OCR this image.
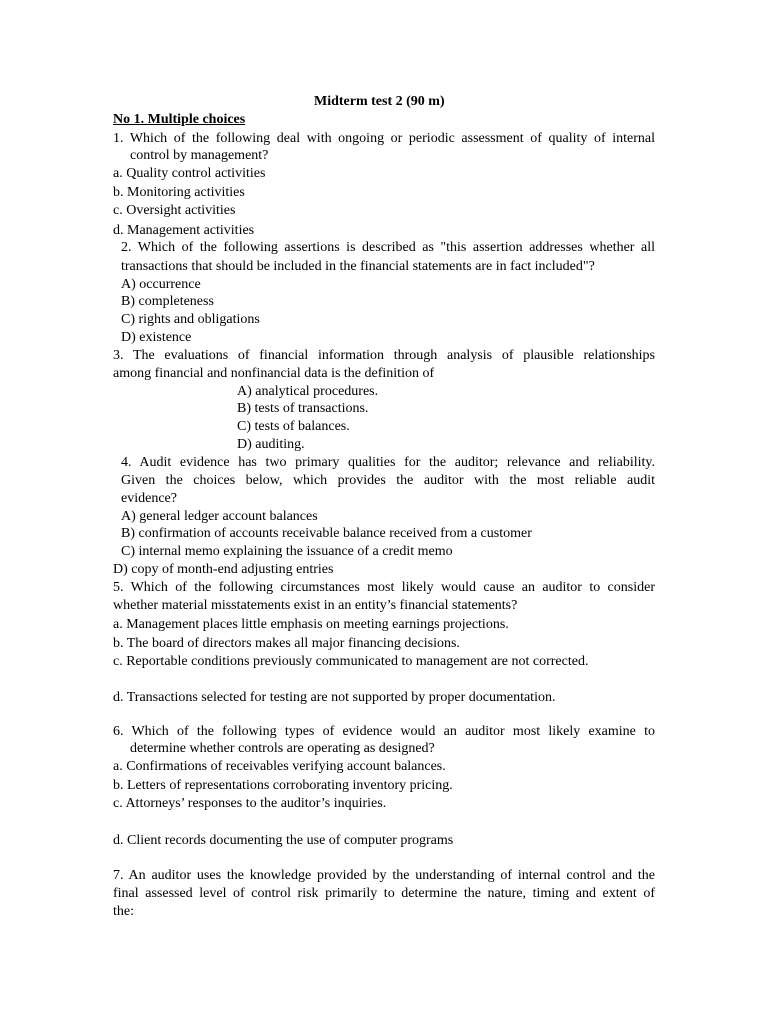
Midterm test 2 (90 m)
No 1. Multiple choices
1. Which of the following deal with ongoing or periodic assessment of quality of internal
control by management?
a. Quality control activities
b. Monitoring activities
c. Oversight activities
d. Management activities
2. Which of the following assertions is described as "this assertion addresses whether all
transactions that should be included in the financial statements are in fact included"?
A) occurrence
B) completeness
C) rights and obligations
D) existence
3. The evaluations of financial information through analysis of plausible relationships
among financial and nonfinancial data is the definition of
A) analytical procedures.
B) tests of transactions.
C) tests of balances.
D) auditing.
4. Audit evidence has two primary qualities for the auditor; relevance and reliability.
Given the choices below, which provides the auditor with the most reliable audit
evidence?
A) general ledger account balances
B) confirmation of accounts receivable balance received from a customer
C) internal memo explaining the issuance of a credit memo
D) copy of month-end adjusting entries
5. Which of the following circumstances most likely would cause an auditor to consider
whether material misstatements exist in an entity’s financial statements?
a. Management places little emphasis on meeting earnings projections.
b. The board of directors makes all major financing decisions.
c. Reportable conditions previously communicated to management are not corrected.
d. Transactions selected for testing are not supported by proper documentation.
6. Which of the following types of evidence would an auditor most likely examine to
determine whether controls are operating as designed?
a. Confirmations of receivables verifying account balances.
b. Letters of representations corroborating inventory pricing.
c. Attorneys’ responses to the auditor’s inquiries.
d. Client records documenting the use of computer programs
7. An auditor uses the knowledge provided by the understanding of internal control and the
final assessed level of control risk primarily to determine the nature, timing and extent of
the:
